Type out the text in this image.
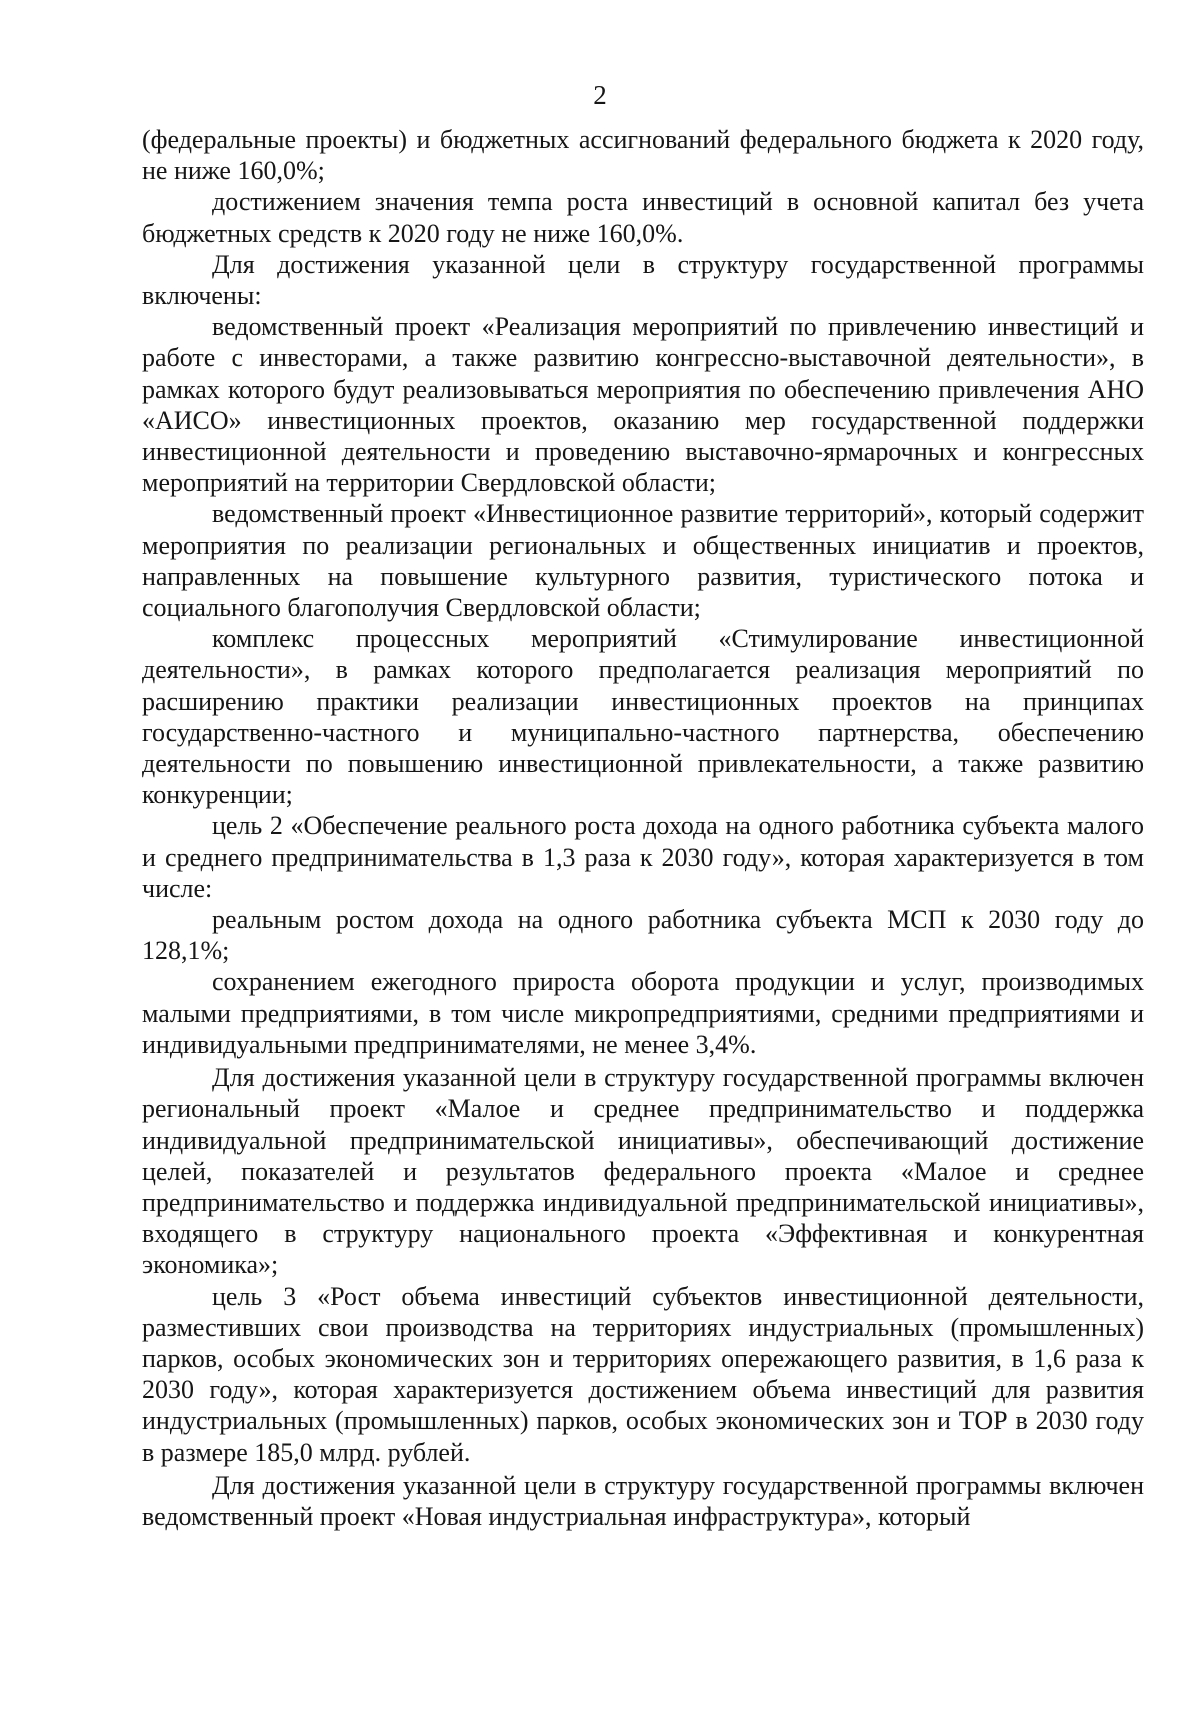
2

(федеральные проекты) и бюджетных ассигнований федерального бюджета к 2020 году, не ниже 160,0%;

достижением значения темпа роста инвестиций в основной капитал без учета бюджетных средств к 2020 году не ниже 160,0%.

Для достижения указанной цели в структуру государственной программы включены:

ведомственный проект «Реализация мероприятий по привлечению инвестиций и работе с инвесторами, а также развитию конгрессно-выставочной деятельности», в рамках которого будут реализовываться мероприятия по обеспечению привлечения АНО «АИСО» инвестиционных проектов, оказанию мер государственной поддержки инвестиционной деятельности и проведению выставочно-ярмарочных и конгрессных мероприятий на территории Свердловской области;

ведомственный проект «Инвестиционное развитие территорий», который содержит мероприятия по реализации региональных и общественных инициатив и проектов, направленных на повышение культурного развития, туристического потока и социального благополучия Свердловской области;

комплекс процессных мероприятий «Стимулирование инвестиционной деятельности», в рамках которого предполагается реализация мероприятий по расширению практики реализации инвестиционных проектов на принципах государственно-частного и муниципально-частного партнерства, обеспечению деятельности по повышению инвестиционной привлекательности, а также развитию конкуренции;

цель 2 «Обеспечение реального роста дохода на одного работника субъекта малого и среднего предпринимательства в 1,3 раза к 2030 году», которая характеризуется в том числе:

реальным ростом дохода на одного работника субъекта МСП к 2030 году до 128,1%;

сохранением ежегодного прироста оборота продукции и услуг, производимых малыми предприятиями, в том числе микропредприятиями, средними предприятиями и индивидуальными предпринимателями, не менее 3,4%.

Для достижения указанной цели в структуру государственной программы включен региональный проект «Малое и среднее предпринимательство и поддержка индивидуальной предпринимательской инициативы», обеспечивающий достижение целей, показателей и результатов федерального проекта «Малое и среднее предпринимательство и поддержка индивидуальной предпринимательской инициативы», входящего в структуру национального проекта «Эффективная и конкурентная экономика»;

цель 3 «Рост объема инвестиций субъектов инвестиционной деятельности, разместивших свои производства на территориях индустриальных (промышленных) парков, особых экономических зон и территориях опережающего развития, в 1,6 раза к 2030 году», которая характеризуется достижением объема инвестиций для развития индустриальных (промышленных) парков, особых экономических зон и ТОР в 2030 году в размере 185,0 млрд. рублей.

Для достижения указанной цели в структуру государственной программы включен ведомственный проект «Новая индустриальная инфраструктура», который
